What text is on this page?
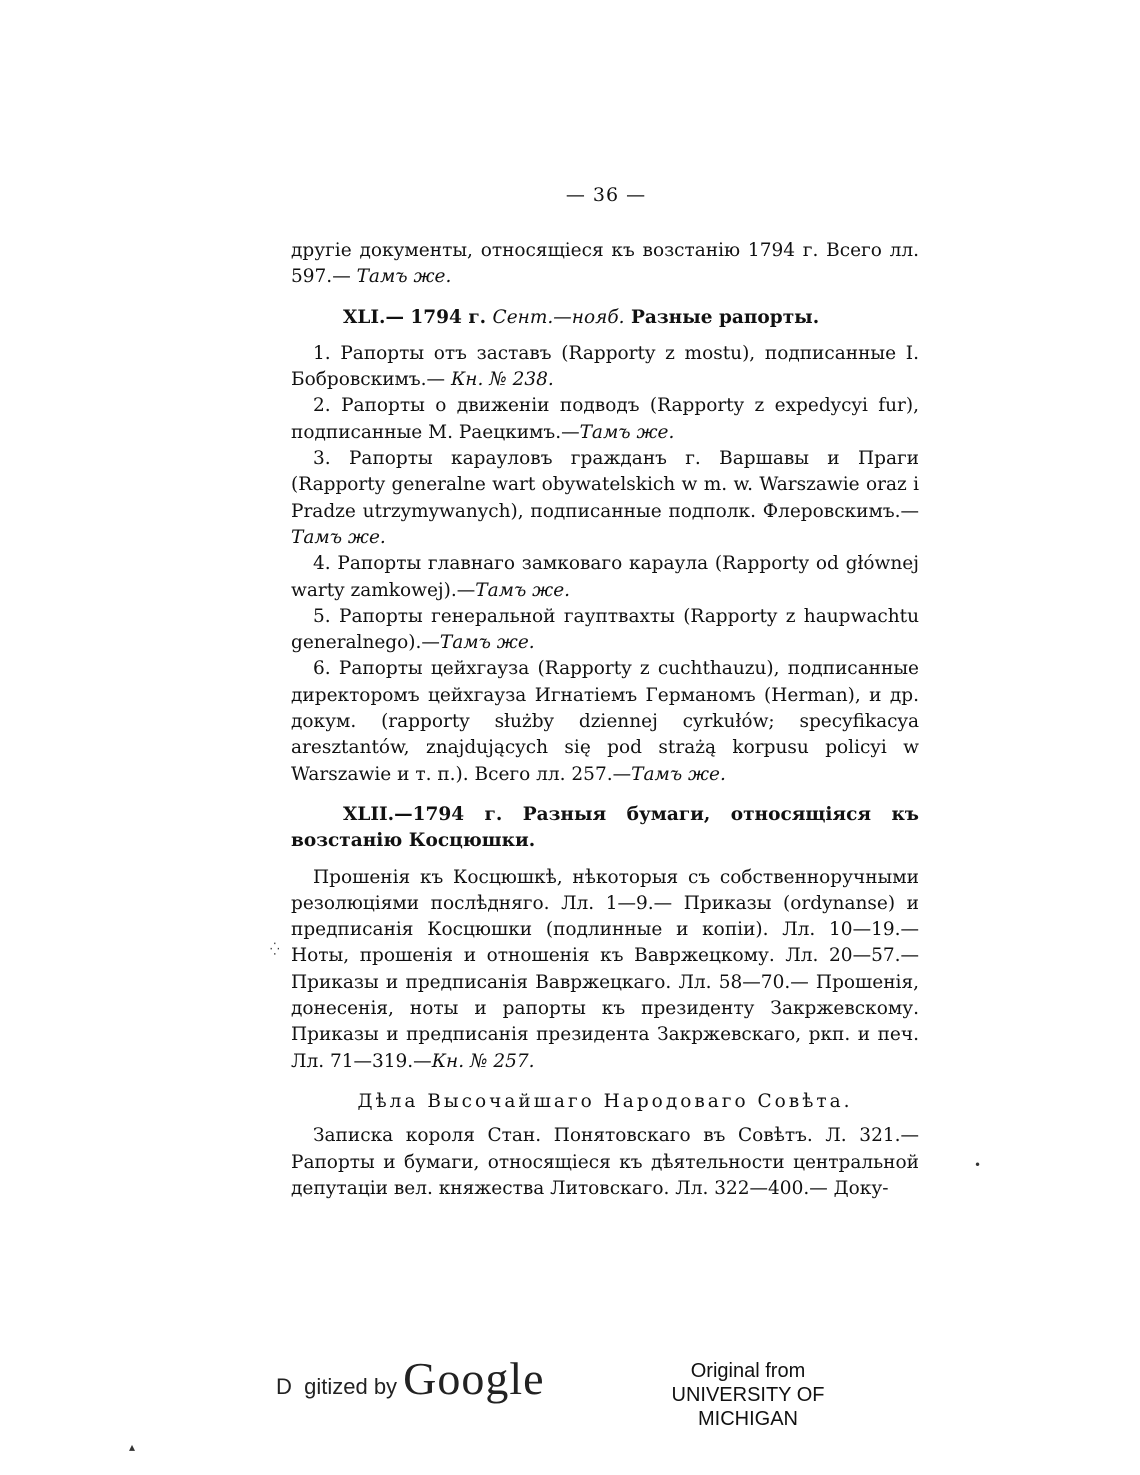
— 36 —

другіе документы, относящіеся къ возстанію 1794 г. Всего лл. 597.— Тамъ же.

XLI.— 1794 г. Сент.—нояб. Разные рапорты.

1. Рапорты отъ заставъ (Rapporty z mostu), подписанные I. Бобровскимъ.— Кн. № 238.

2. Рапорты о движеніи подводъ (Rapporty z expedycyi fur), подписанные М. Раецкимъ.—Тамъ же.

3. Рапорты карауловъ гражданъ г. Варшавы и Праги (Rapporty generalne wart obywatelskich w m. w. Warszawie oraz i Pradze utrzymywanych), подписанные подполк. Флеровскимъ.— Тамъ же.

4. Рапорты главнаго замковаго караула (Rapporty od głównej warty zamkowej).—Тамъ же.

5. Рапорты генеральной гауптвахты (Rapporty z haupwachtu generalnego).—Тамъ же.

6. Рапорты цейхгауза (Rapporty z cuchthauzu), подписанные директоромъ цейхгауза Игнатіемъ Германомъ (Herman), и др. докум. (rapporty służby dziennej cyrkułów; specyfikacya aresztantów, znajdujących się pod strażą korpusu policyi w Warszawie и т. п.). Всего лл. 257.—Тамъ же.

XLII.—1794 г. Разныя бумаги, относящіяся къ возстанію Косцюшки.

Прошенія къ Косцюшкѣ, нѣкоторыя съ собственноручными резолюціями послѣдняго. Лл. 1—9.— Приказы (ordynanse) и предписанія Косцюшки (подлинные и копіи). Лл. 10—19.— Ноты, прошенія и отношенія къ Вавржецкому. Лл. 20—57.— Приказы и предписанія Вавржецкаго. Лл. 58—70.— Прошенія, донесенія, ноты и рапорты къ президенту Закржевскому. Приказы и предписанія президента Закржевскаго, ркп. и печ. Лл. 71—319.—Кн. № 257.

Дѣла Высочайшаго Народоваго Совѣта.

Записка короля Стан. Понятовскаго въ Совѣтъ. Л. 321.— Рапорты и бумаги, относящіеся къ дѣятельности центральной депутаціи вел. княжества Литовскаго. Лл. 322—400.— Доку-

⁛
•
▴
D  gitized by Google	Original from
UNIVERSITY OF MICHIGAN
